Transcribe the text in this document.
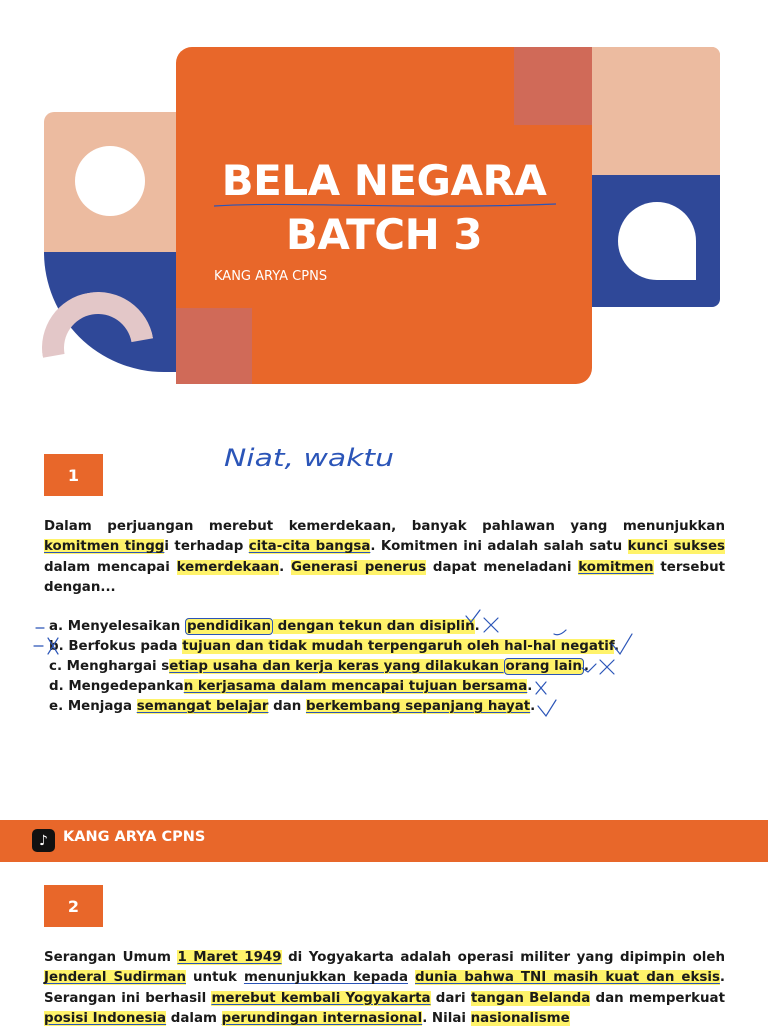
BELA NEGARA
BATCH 3
KANG ARYA CPNS
1
Niat, waktu
Dalam perjuangan merebut kemerdekaan, banyak pahlawan yang menunjukkan komitmen tinggi terhadap cita-cita bangsa. Komitmen ini adalah salah satu kunci sukses dalam mencapai kemerdekaan. Generasi penerus dapat meneladani komitmen tersebut dengan...
a. Menyelesaikan pendidikan dengan tekun dan disiplin.
b. Berfokus pada tujuan dan tidak mudah terpengaruh oleh hal-hal negatif.
c. Menghargai setiap usaha dan kerja keras yang dilakukan orang lain .
d. Mengedepankan kerjasama dalam mencapai tujuan bersama.
e. Menjaga semangat belajar dan berkembang sepanjang hayat.
♪	KANG ARYA CPNS
2
Serangan Umum 1 Maret 1949 di Yogyakarta adalah operasi militer yang dipimpin oleh Jenderal Sudirman untuk menunjukkan kepada dunia bahwa TNI masih kuat dan eksis. Serangan ini berhasil merebut kembali Yogyakarta dari tangan Belanda dan memperkuat posisi Indonesia dalam perundingan internasional. Nilai nasionalisme
